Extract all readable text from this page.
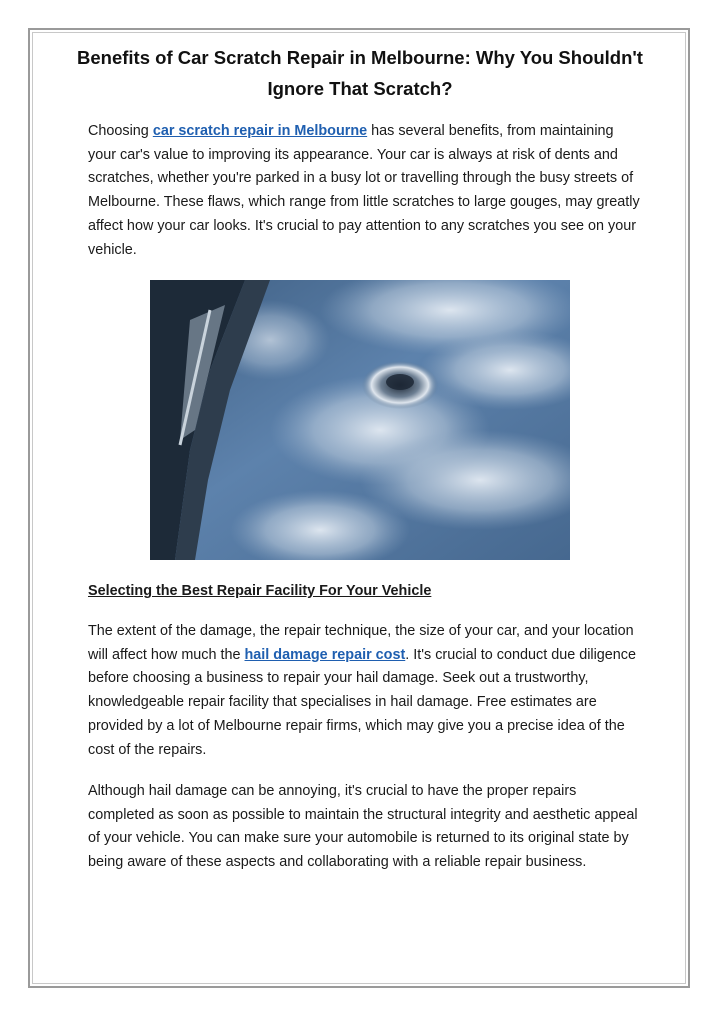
Benefits of Car Scratch Repair in Melbourne: Why You Shouldn't Ignore That Scratch?

Choosing car scratch repair in Melbourne has several benefits, from maintaining your car's value to improving its appearance. Your car is always at risk of dents and scratches, whether you're parked in a busy lot or travelling through the busy streets of Melbourne. These flaws, which range from little scratches to large gouges, may greatly affect how your car looks. It's crucial to pay attention to any scratches you see on your vehicle.

Selecting the Best Repair Facility For Your Vehicle

The extent of the damage, the repair technique, the size of your car, and your location will affect how much the hail damage repair cost. It's crucial to conduct due diligence before choosing a business to repair your hail damage. Seek out a trustworthy, knowledgeable repair facility that specialises in hail damage. Free estimates are provided by a lot of Melbourne repair firms, which may give you a precise idea of the cost of the repairs.

Although hail damage can be annoying, it's crucial to have the proper repairs completed as soon as possible to maintain the structural integrity and aesthetic appeal of your vehicle. You can make sure your automobile is returned to its original state by being aware of these aspects and collaborating with a reliable repair business.
